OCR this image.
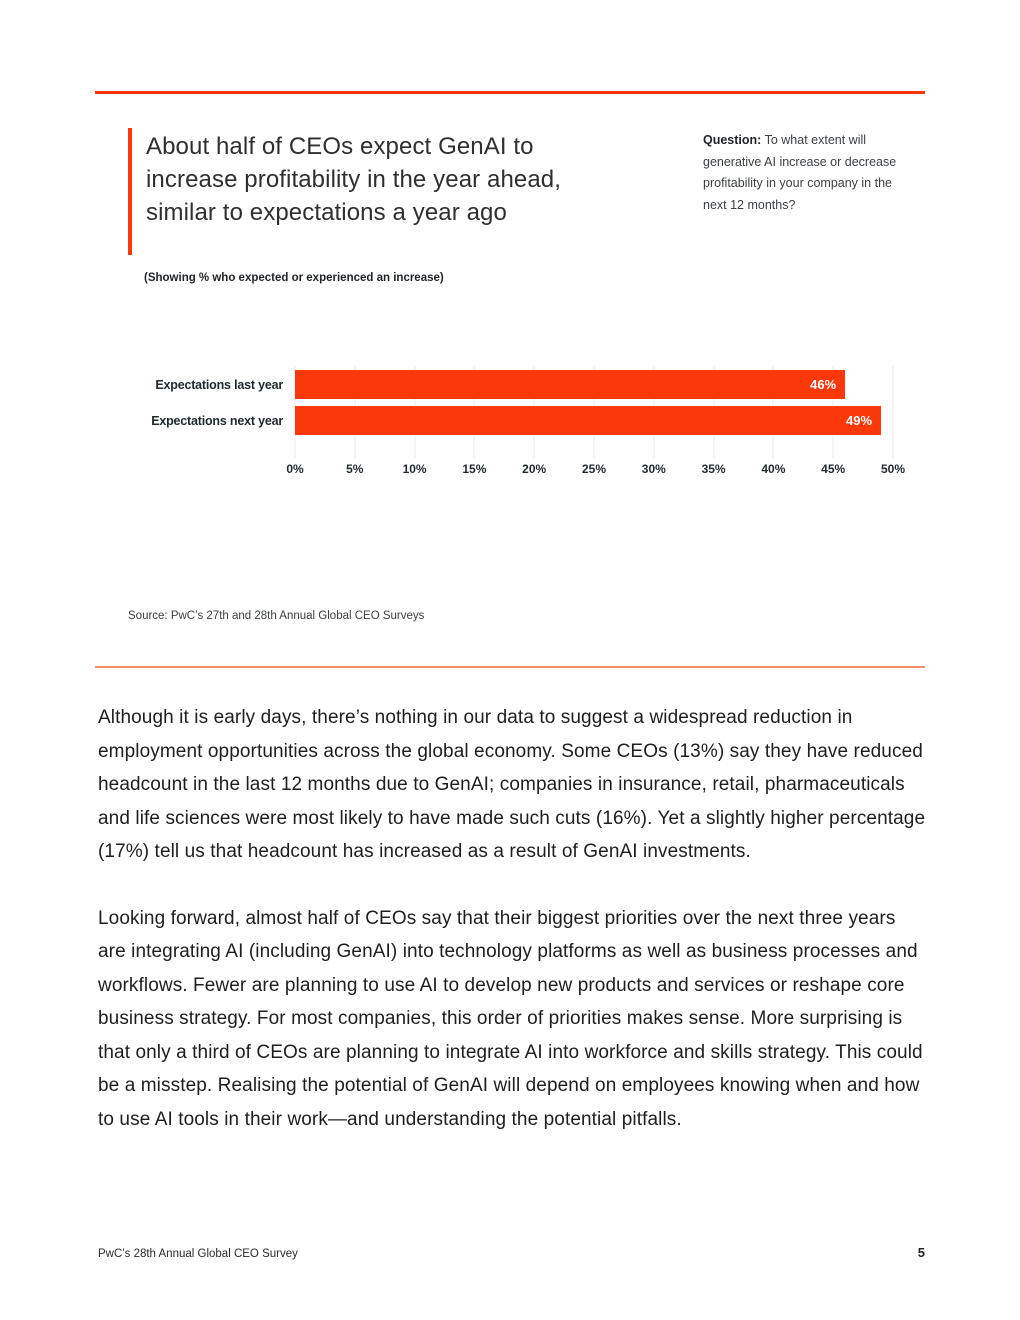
About half of CEOs expect GenAI to increase profitability in the year ahead, similar to expectations a year ago
Question: To what extent will generative AI increase or decrease profitability in your company in the next 12 months?
(Showing % who expected or experienced an increase)
Expectations last year	46%
Expectations next year	49%
0%	5%	10%	15%	20%	25%	30%	35%	40%	45%	50%
Source: PwC’s 27th and 28th Annual Global CEO Surveys

Although it is early days, there’s nothing in our data to suggest a widespread reduction in employment opportunities across the global economy. Some CEOs (13%) say they have reduced headcount in the last 12 months due to GenAI; companies in insurance, retail, pharmaceuticals and life sciences were most likely to have made such cuts (16%). Yet a slightly higher percentage (17%) tell us that headcount has increased as a result of GenAI investments.

Looking forward, almost half of CEOs say that their biggest priorities over the next three years are integrating AI (including GenAI) into technology platforms as well as business processes and workflows. Fewer are planning to use AI to develop new products and services or reshape core business strategy. For most companies, this order of priorities makes sense. More surprising is that only a third of CEOs are planning to integrate AI into workforce and skills strategy. This could be a misstep. Realising the potential of GenAI will depend on employees knowing when and how to use AI tools in their work—and understanding the potential pitfalls.

PwC’s 28th Annual Global CEO Survey	5
